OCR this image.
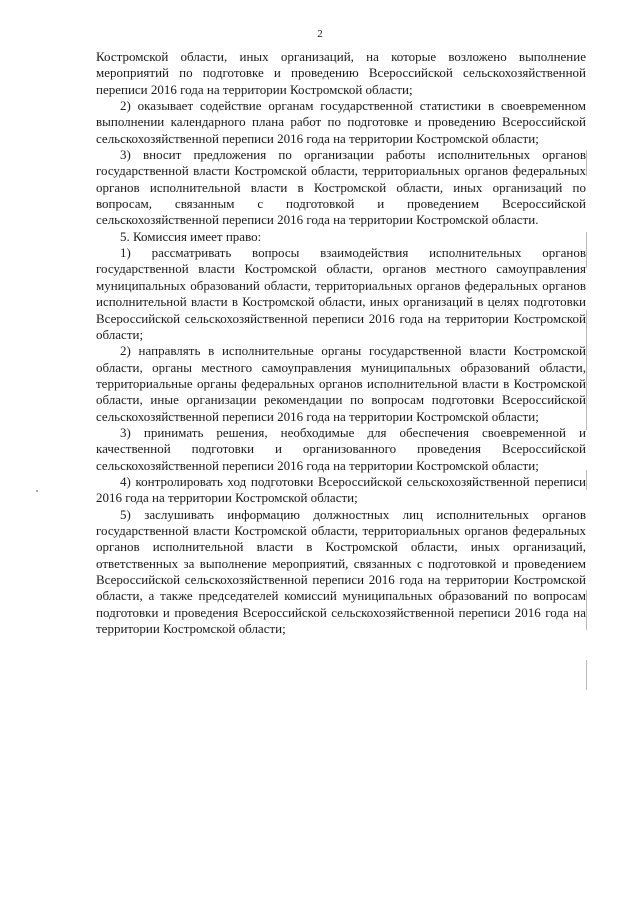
2

Костромской области, иных организаций, на которые возложено выполнение мероприятий по подготовке и проведению Всероссийской сельскохозяйственной переписи 2016 года на территории Костромской области;

2) оказывает содействие органам государственной статистики в своевременном выполнении календарного плана работ по подготовке и проведению Всероссийской сельскохозяйственной переписи 2016 года на территории Костромской области;

3) вносит предложения по организации работы исполнительных органов государственной власти Костромской области, территориальных органов федеральных органов исполнительной власти в Костромской области, иных организаций по вопросам, связанным с подготовкой и проведением Всероссийской сельскохозяйственной переписи 2016 года на территории Костромской области.

5. Комиссия имеет право:

1) рассматривать вопросы взаимодействия исполнительных органов государственной власти Костромской области, органов местного самоуправления муниципальных образований области, территориальных органов федеральных органов исполнительной власти в Костромской области, иных организаций в целях подготовки Всероссийской сельскохозяйственной переписи 2016 года на территории Костромской области;

2) направлять в исполнительные органы государственной власти Костромской области, органы местного самоуправления муниципальных образований области, территориальные органы федеральных органов исполнительной власти в Костромской области, иные организации рекомендации по вопросам подготовки Всероссийской сельскохозяйственной переписи 2016 года на территории Костромской области;

3) принимать решения, необходимые для обеспечения своевременной и качественной подготовки и организованного проведения Всероссийской сельскохозяйственной переписи 2016 года на территории Костромской области;

4) контролировать ход подготовки Всероссийской сельскохозяйственной переписи 2016 года на территории Костромской области;

5) заслушивать информацию должностных лиц исполнительных органов государственной власти Костромской области, территориальных органов федеральных органов исполнительной власти в Костромской области, иных организаций, ответственных за выполнение мероприятий, связанных с подготовкой и проведением Всероссийской сельскохозяйственной переписи 2016 года на территории Костромской области, а также председателей комиссий муниципальных образований по вопросам подготовки и проведения Всероссийской сельскохозяйственной переписи 2016 года на территории Костромской области;
